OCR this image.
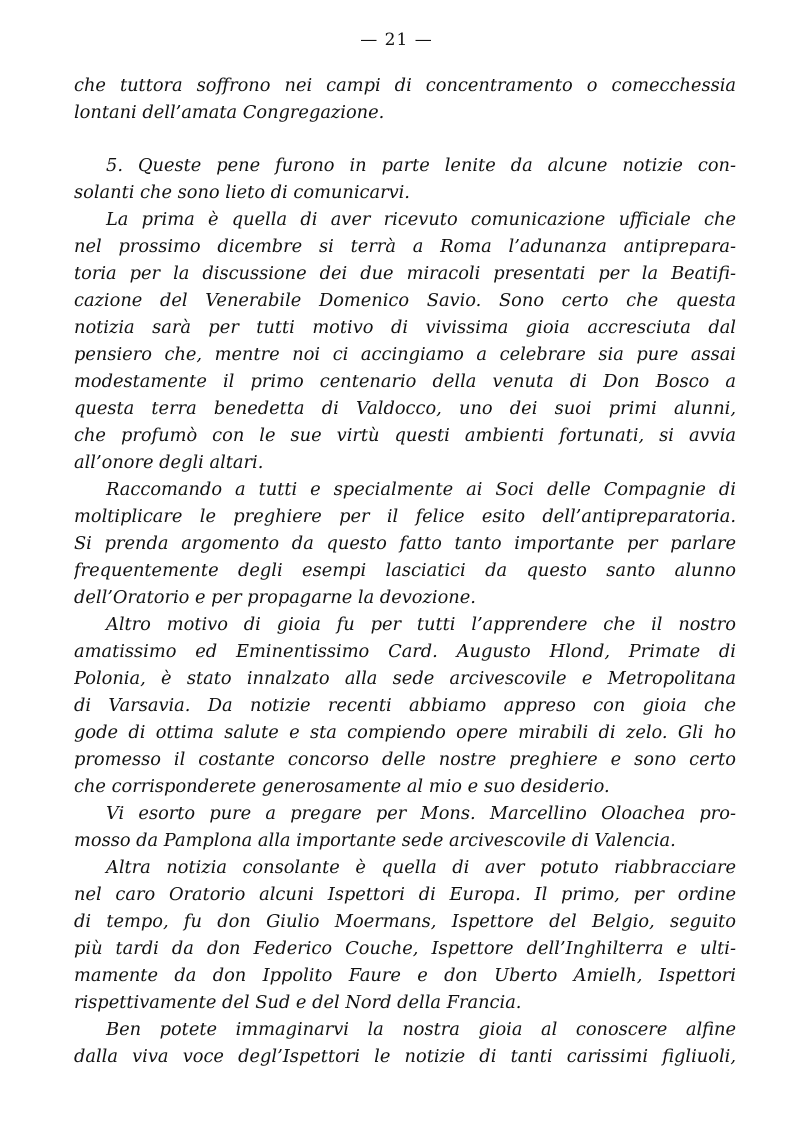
— 21 —
che tuttora soffrono nei campi di concentramento o comecchessia
lontani dell’amata Congregazione.
5. Queste pene furono in parte lenite da alcune notizie con-
solanti che sono lieto di comunicarvi.
La prima è quella di aver ricevuto comunicazione ufficiale che
nel prossimo dicembre si terrà a Roma l’adunanza antipreparа-
toria per la discussione dei due miracoli presentati per la Beatifi-
cazione del Venerabile Domenico Savio. Sono certo che questa
notizia sarà per tutti motivo di vivissima gioia accresciuta dal
pensiero che, mentre noi ci accingiamo a celebrare sia pure assai
modestamente il primo centenario della venuta di Don Bosco a
questa terra benedetta di Valdocco, uno dei suoi primi alunni,
che profumò con le sue virtù questi ambienti fortunati, si avvia
all’onore degli altari.
Raccomando a tutti e specialmente ai Soci delle Compagnie di
moltiplicare le preghiere per il felice esito dell’antipreparatoria.
Si prenda argomento da questo fatto tanto importante per parlare
frequentemente degli esempi lasciatici da questo santo alunno
dell’Oratorio e per propagarne la devozione.
Altro motivo di gioia fu per tutti l’apprendere che il nostro
amatissimo ed Eminentissimo Card. Augusto Hlond, Primate di
Polonia, è stato innalzato alla sede arcivescovile e Metropolitana
di Varsavia. Da notizie recenti abbiamo appreso con gioia che
gode di ottima salute e sta compiendo opere mirabili di zelo. Gli ho
promesso il costante concorso delle nostre preghiere e sono certo
che corrisponderete generosamente al mio e suo desiderio.
Vi esorto pure a pregare per Mons. Marcellino Oloachea pro-
mosso da Pamplona alla importante sede arcivescovile di Valencia.
Altra notizia consolante è quella di aver potuto riabbracciare
nel caro Oratorio alcuni Ispettori di Europa. Il primo, per ordine
di tempo, fu don Giulio Moermans, Ispettore del Belgio, seguito
più tardi da don Federico Couche, Ispettore dell’Inghilterra e ulti-
mamente da don Ippolito Faure e don Uberto Amielh, Ispettori
rispettivamente del Sud e del Nord della Francia.
Ben potete immaginarvi la nostra gioia al conoscere alfine
dalla viva voce degl’Ispettori le notizie di tanti carissimi figliuoli,
